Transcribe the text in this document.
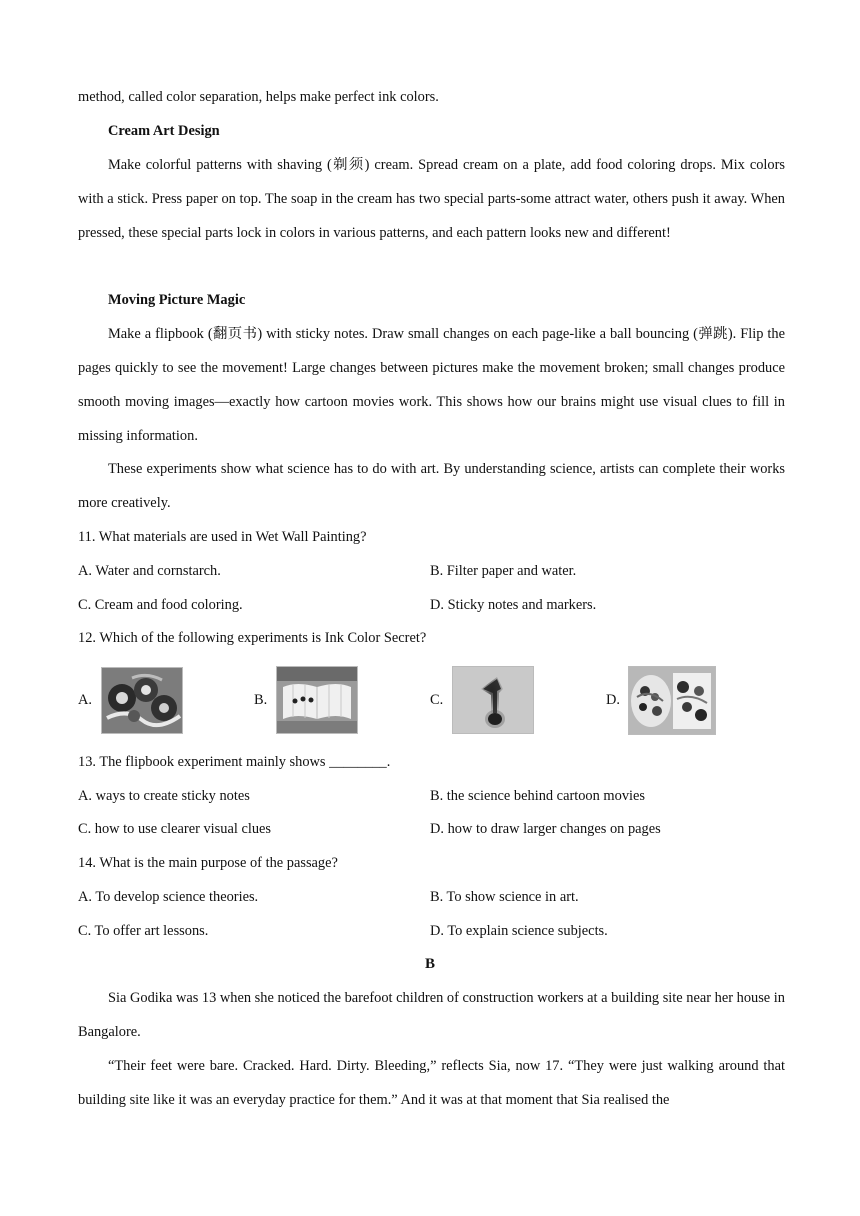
method, called color separation, helps make perfect ink colors.

Cream Art Design

Make colorful patterns with shaving (剃须) cream. Spread cream on a plate, add food coloring drops. Mix colors with a stick. Press paper on top. The soap in the cream has two special parts-some attract water, others push it away. When pressed, these special parts lock in colors in various patterns, and each pattern looks new and different!

Moving Picture Magic

Make a flipbook (翻页书) with sticky notes. Draw small changes on each page-like a ball bouncing (弹跳). Flip the pages quickly to see the movement! Large changes between pictures make the movement broken; small changes produce smooth moving images—exactly how cartoon movies work. This shows how our brains might use visual clues to fill in missing information.

These experiments show what science has to do with art. By understanding science, artists can complete their works more creatively.

11. What materials are used in Wet Wall Painting?

A. Water and cornstarch.	B. Filter paper and water.
C. Cream and food coloring.	D. Sticky notes and markers.

12. Which of the following experiments is Ink Color Secret?

A.	B.	C.	D.

13. The flipbook experiment mainly shows ________.

A. ways to create sticky notes	B. the science behind cartoon movies
C. how to use clearer visual clues	D. how to draw larger changes on pages

14. What is the main purpose of the passage?

A. To develop science theories.	B. To show science in art.
C. To offer art lessons.	D. To explain science subjects.
B

Sia Godika was 13 when she noticed the barefoot children of construction workers at a building site near her house in Bangalore.

“Their feet were bare. Cracked. Hard. Dirty. Bleeding,” reflects Sia, now 17. “They were just walking around that building site like it was an everyday practice for them.” And it was at that moment that Sia realised the
